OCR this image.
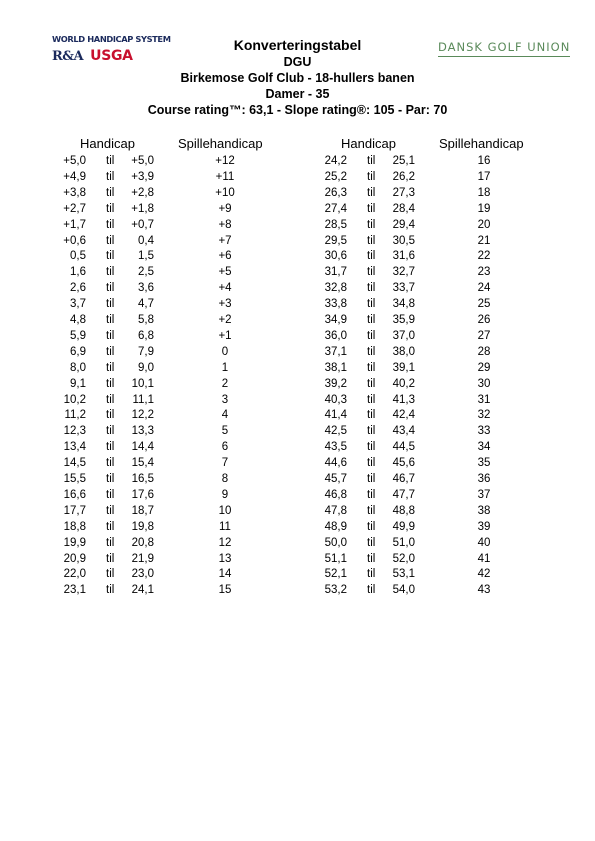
WORLD HANDICAP SYSTEM
R&A USGA
DANSK GOLF UNION
Konverteringstabel
DGU
Birkemose Golf Club - 18-hullers banen
Damer - 35
Course rating™: 63,1 - Slope rating®: 105 - Par: 70
Handicap	Spillehandicap	Handicap	Spillehandicap
+5,0 til	+5,0	+12
+4,9 til	+3,9	+11
+3,8 til	+2,8	+10
+2,7 til	+1,8	+9
+1,7 til	+0,7	+8
+0,6 til	0,4	+7
0,5 til	1,5	+6
1,6 til	2,5	+5
2,6 til	3,6	+4
3,7 til	4,7	+3
4,8 til	5,8	+2
5,9 til	6,8	+1
6,9 til	7,9	0
8,0 til	9,0	1
9,1 til	10,1	2
10,2 til	11,1	3
11,2 til	12,2	4
12,3 til	13,3	5
13,4 til	14,4	6
14,5 til	15,4	7
15,5 til	16,5	8
16,6 til	17,6	9
17,7 til	18,7	10
18,8 til	19,8	11
19,9 til	20,8	12
20,9 til	21,9	13
22,0 til	23,0	14
23,1 til	24,1	15
24,2 til	25,1	16
25,2 til	26,2	17
26,3 til	27,3	18
27,4 til	28,4	19
28,5 til	29,4	20
29,5 til	30,5	21
30,6 til	31,6	22
31,7 til	32,7	23
32,8 til	33,7	24
33,8 til	34,8	25
34,9 til	35,9	26
36,0 til	37,0	27
37,1 til	38,0	28
38,1 til	39,1	29
39,2 til	40,2	30
40,3 til	41,3	31
41,4 til	42,4	32
42,5 til	43,4	33
43,5 til	44,5	34
44,6 til	45,6	35
45,7 til	46,7	36
46,8 til	47,7	37
47,8 til	48,8	38
48,9 til	49,9	39
50,0 til	51,0	40
51,1 til	52,0	41
52,1 til	53,1	42
53,2 til	54,0	43
